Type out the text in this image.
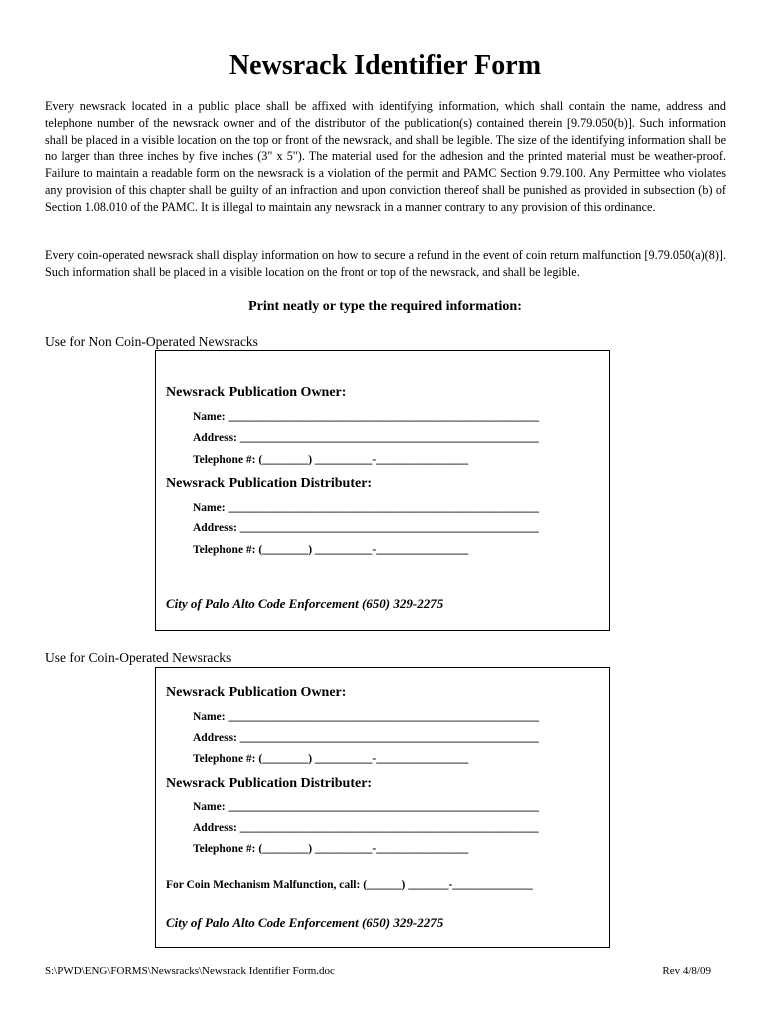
Newsrack Identifier Form

Every newsrack located in a public place shall be affixed with identifying information, which shall contain the name, address and telephone number of the newsrack owner and of the distributor of the publication(s) contained therein [9.79.050(b)]. Such information shall be placed in a visible location on the top or front of the newsrack, and shall be legible. The size of the identifying information shall be no larger than three inches by five inches (3" x 5"). The material used for the adhesion and the printed material must be weather-proof. Failure to maintain a readable form on the newsrack is a violation of the permit and PAMC Section 9.79.100. Any Permittee who violates any provision of this chapter shall be guilty of an infraction and upon conviction thereof shall be punished as provided in subsection (b) of Section 1.08.010 of the PAMC. It is illegal to maintain any newsrack in a manner contrary to any provision of this ordinance.

Every coin-operated newsrack shall display information on how to secure a refund in the event of coin return malfunction [9.79.050(a)(8)]. Such information shall be placed in a visible location on the front or top of the newsrack, and shall be legible.

Print neatly or type the required information:

Use for Non Coin-Operated Newsracks

Newsrack Publication Owner:

Name: ______________________________________________________

Address: ____________________________________________________

Telephone #: (________) __________-________________

Newsrack Publication Distributer:

Name: ______________________________________________________

Address: ____________________________________________________

Telephone #: (________) __________-________________

City of Palo Alto Code Enforcement (650) 329-2275

Use for Coin-Operated Newsracks

Newsrack Publication Owner:

Name: ______________________________________________________

Address: ____________________________________________________

Telephone #: (________) __________-________________

Newsrack Publication Distributer:

Name: ______________________________________________________

Address: ____________________________________________________

Telephone #: (________) __________-________________

For Coin Mechanism Malfunction, call: (______) _______-______________

City of Palo Alto Code Enforcement (650) 329-2275

S:\PWD\ENG\FORMS\Newsracks\Newsrack Identifier Form.doc	Rev 4/8/09
